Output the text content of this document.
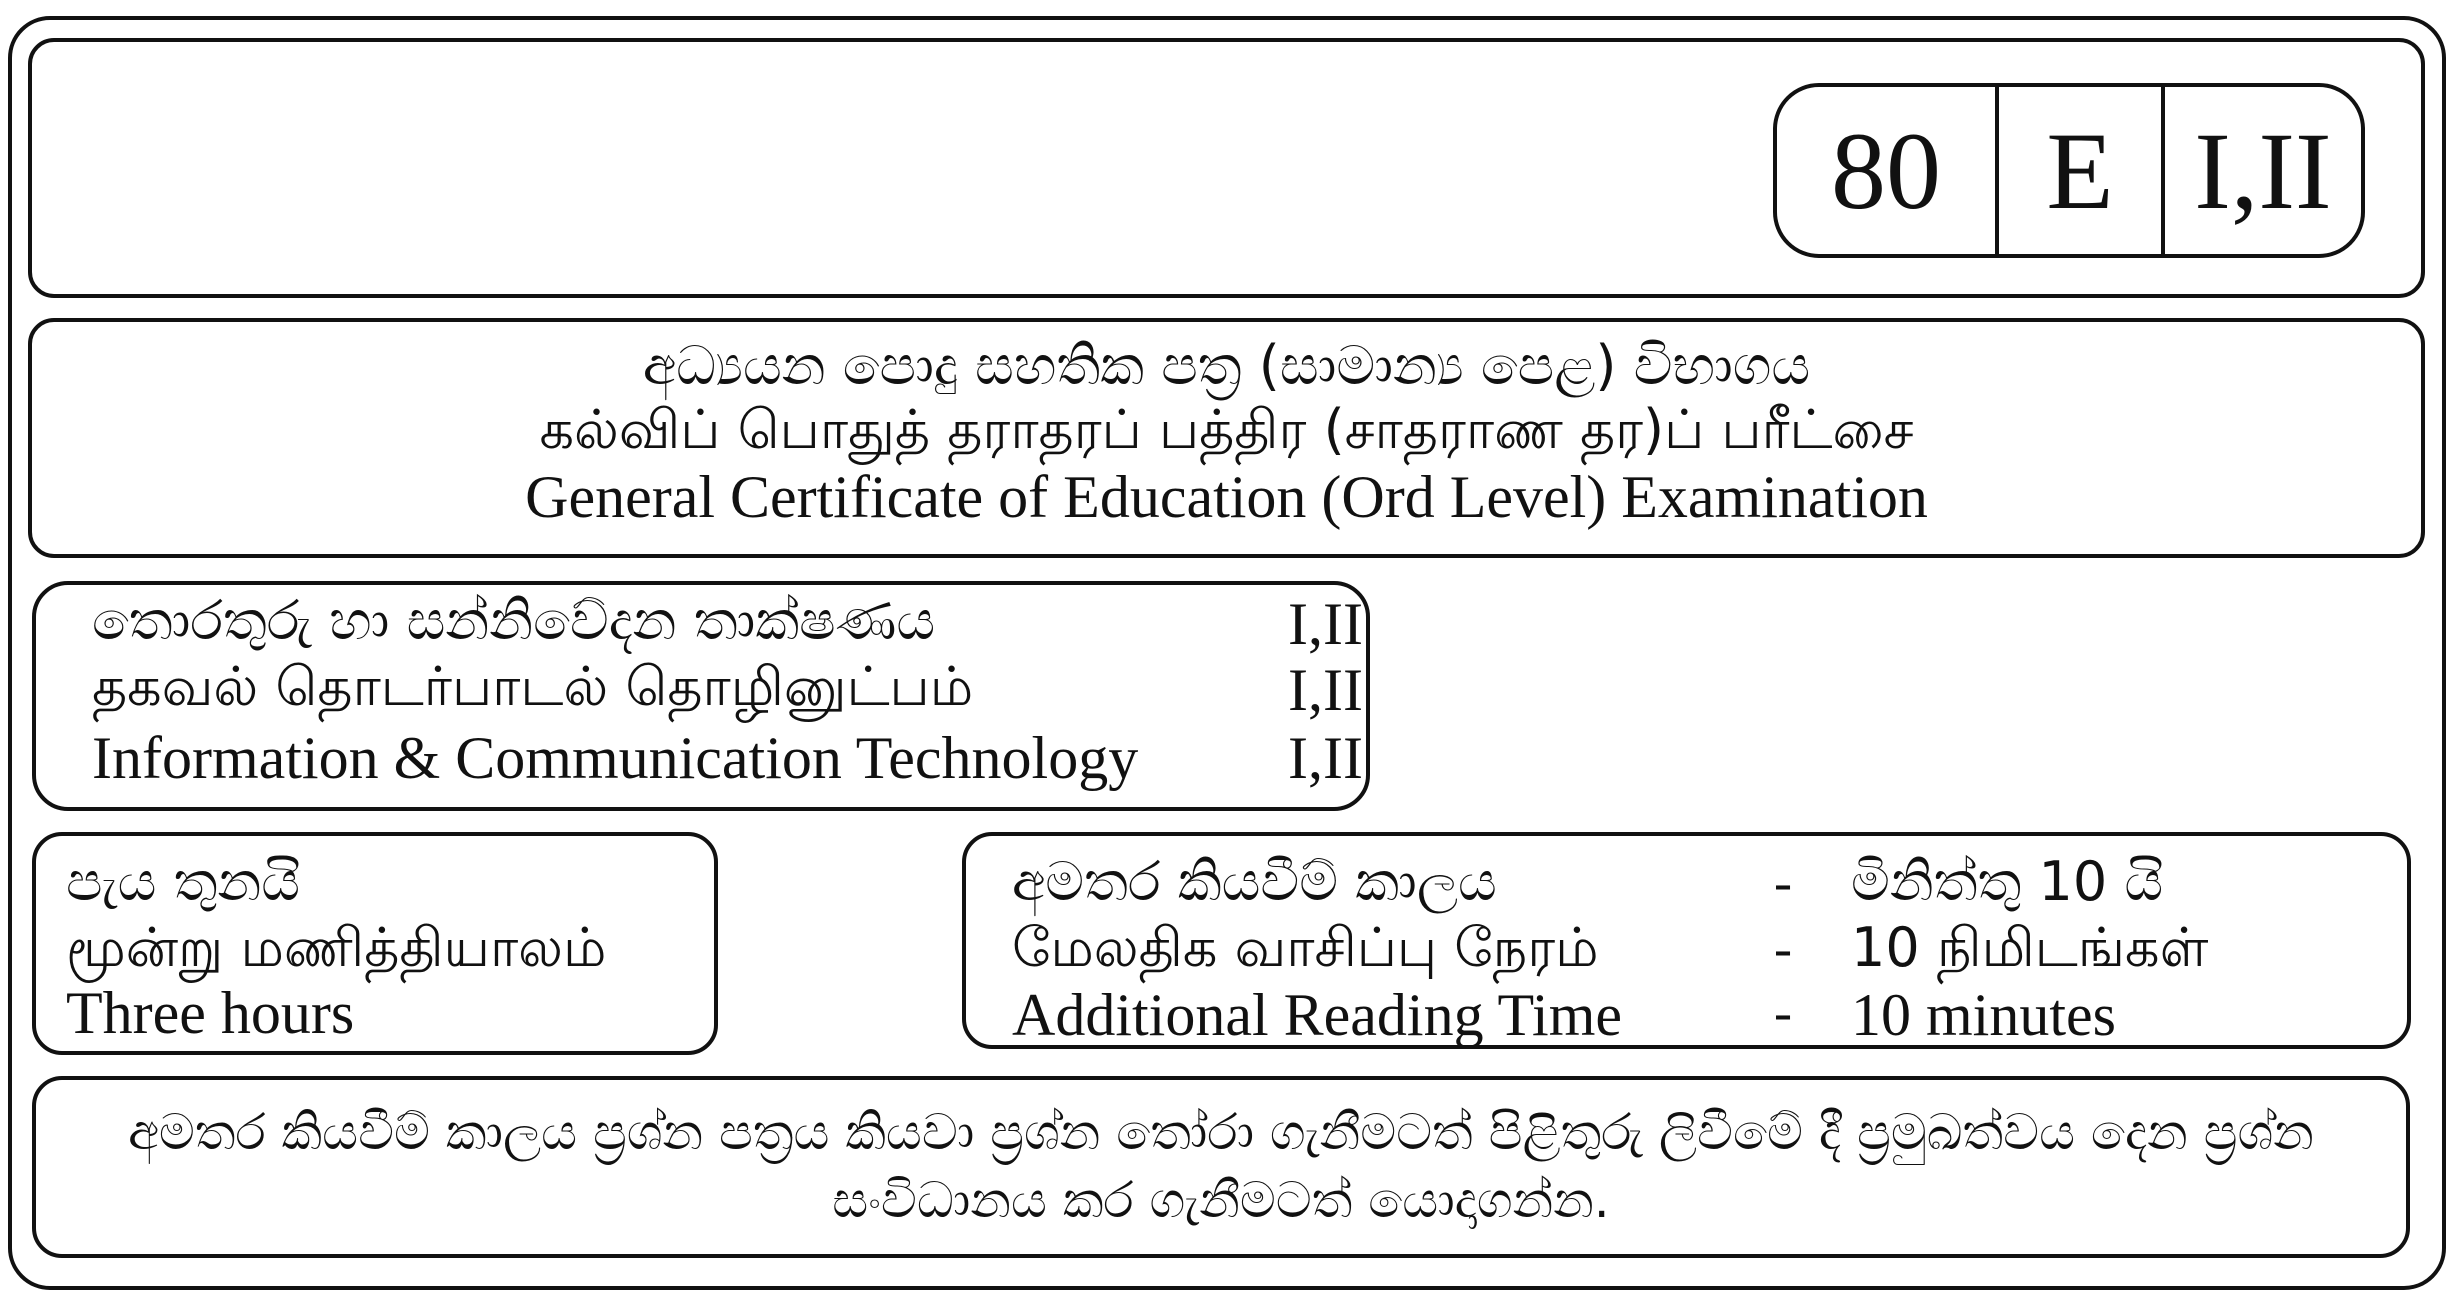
80 E I,II
අධ්‍යයන පොදු සහතික පත්‍ර (සාමාන්‍ය පෙළ) විභාගය
கல்விப் பொதுத் தராதரப் பத்திர (சாதராண தர)ப் பரீட்சை
General Certificate of Education (Ord Level) Examination
තොරතුරු හා සන්නිවේදන තාක්ෂණය	I,II
தகவல் தொடர்பாடல் தொழினுட்பம்	I,II
Information & Communication Technology I,II
පැය තුනයි
மூன்று மணித்தியாலம்
Three hours
අමතර කියවීම් කාලය	- මිනිත්තු 10 යි
மேலதிக வாசிப்பு நேரம்	- 10 நிமிடங்கள்
Additional Reading Time	- 10 minutes
අමතර කියවීම් කාලය ප්‍රශ්න පත්‍රය කියවා ප්‍රශ්න තෝරා ගැනීමටත් පිළිතුරු ලිවීමේ දී ප්‍රමුඛත්වය දෙන ප්‍රශ්න
සංවිධානය කර ගැනීමටත් යොදාගන්න.
